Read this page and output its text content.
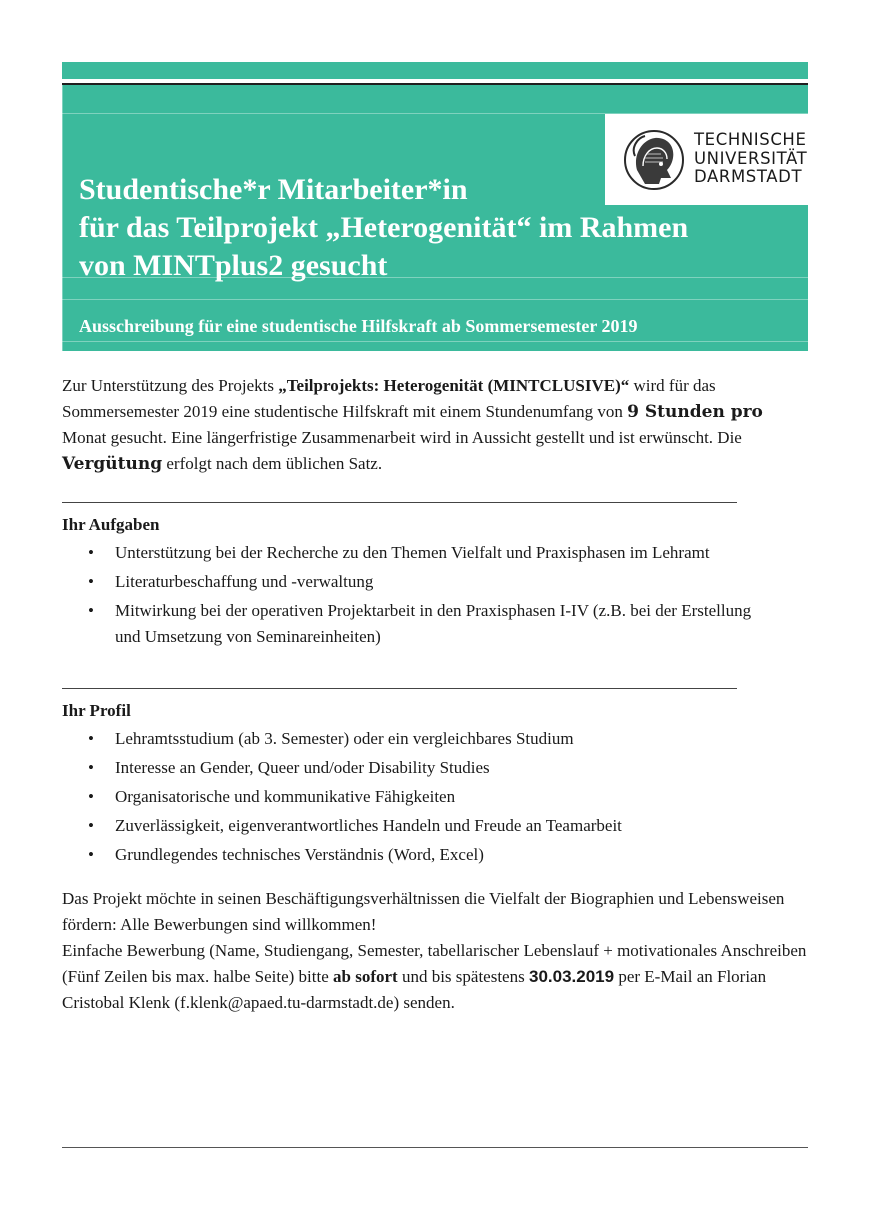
TECHNISCHE
UNIVERSITÄT
DARMSTADT
Studentische*r Mitarbeiter*in
für das Teilprojekt „Heterogenität“ im Rahmen
von MINTplus2 gesucht
Ausschreibung für eine studentische Hilfskraft ab Sommersemester 2019

Zur Unterstützung des Projekts „Teilprojekts: Heterogenität (MINTCLUSIVE)“ wird für das Sommersemester 2019 eine studentische Hilfskraft mit einem Stundenumfang von 9 Stunden pro Monat gesucht. Eine längerfristige Zusammenarbeit wird in Aussicht gestellt und ist erwünscht. Die Vergütung erfolgt nach dem üblichen Satz.

Ihr Aufgaben
• Unterstützung bei der Recherche zu den Themen Vielfalt und Praxisphasen im Lehramt
• Literaturbeschaffung und -verwaltung
• Mitwirkung bei der operativen Projektarbeit in den Praxisphasen I-IV (z.B. bei der Erstellung und Umsetzung von Seminareinheiten)
Ihr Profil
• Lehramtsstudium (ab 3. Semester) oder ein vergleichbares Studium
• Interesse an Gender, Queer und/oder Disability Studies
• Organisatorische und kommunikative Fähigkeiten
• Zuverlässigkeit, eigenverantwortliches Handeln und Freude an Teamarbeit
• Grundlegendes technisches Verständnis (Word, Excel)

Das Projekt möchte in seinen Beschäftigungsverhältnissen die Vielfalt der Biographien und Lebensweisen fördern: Alle Bewerbungen sind willkommen!

Einfache Bewerbung (Name, Studiengang, Semester, tabellarischer Lebenslauf + motivationales Anschreiben (Fünf Zeilen bis max. halbe Seite) bitte ab sofort und bis spätestens 30.03.2019 per E-Mail an Florian Cristobal Klenk (f.klenk@apaed.tu-darmstadt.de) senden.
